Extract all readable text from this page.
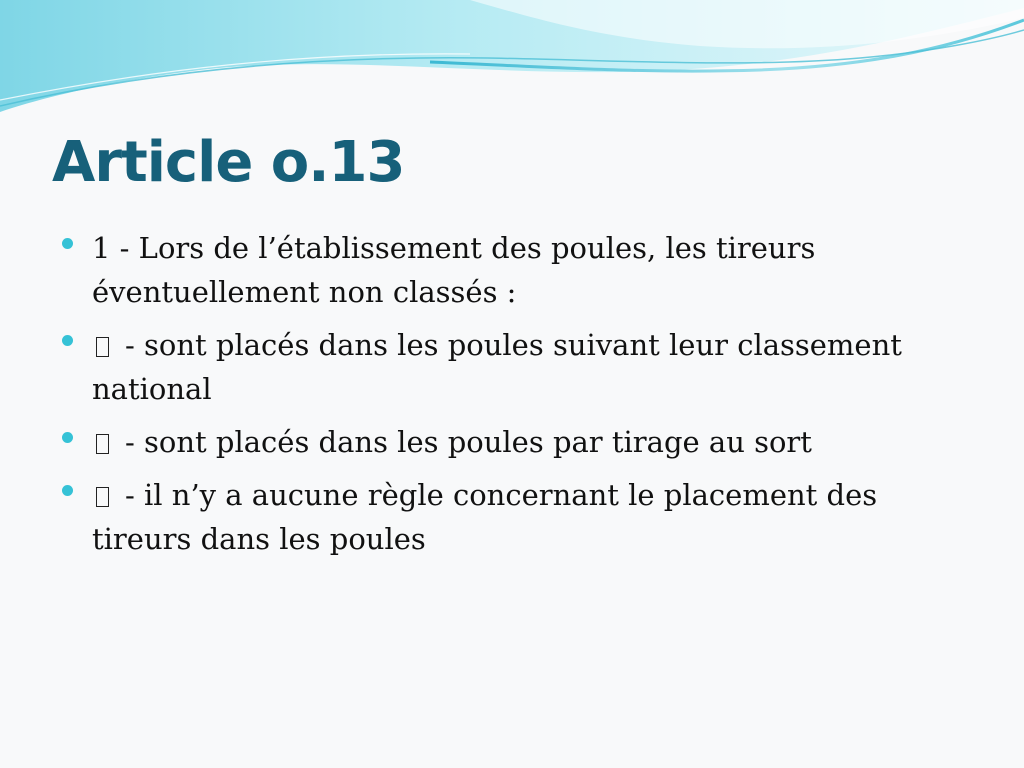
Article o.13
1 - Lors de l’établissement des poules, les tireurs éventuellement non classés :
- sont placés dans les poules suivant leur classement national
- sont placés dans les poules par tirage au sort
- il n’y a aucune règle concernant le placement des tireurs dans les poules
